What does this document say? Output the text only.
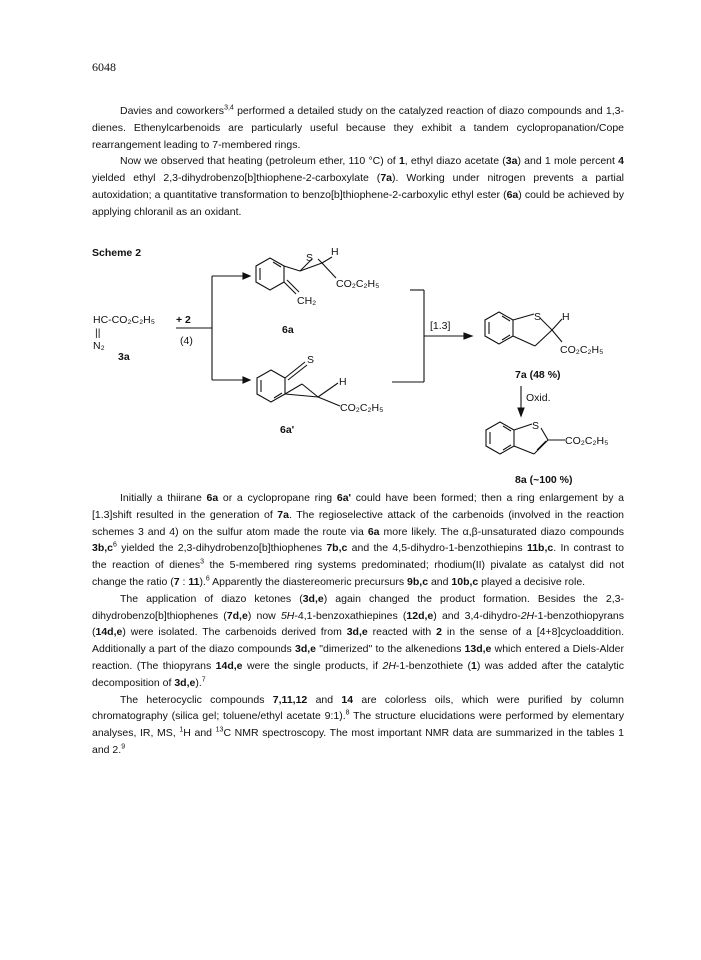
6048

Davies and coworkers$^{3,4}$ performed a detailed study on the catalyzed reaction of diazo compounds and 1,3-dienes. Ethenylcarbenoids are particularly useful because they exhibit a tandem cyclopropanation/Cope rearrangement leading to 7-membered rings.

Now we observed that heating (petroleum ether, 110 °C) of 1, ethyl diazo acetate (3a) and 1 mole percent 4 yielded ethyl 2,3-dihydrobenzo[b]thiophene-2-carboxylate (7a). Working under nitrogen prevents a partial autoxidation; a quantitative transformation to benzo[b]thiophene-2-carboxylic ethyl ester (6a) could be achieved by applying chloranil as an oxidant.

Scheme 2
HC-CO₂C₂H₅ + 2
||
N₂
3a
(4)
S H
CO₂C₂H₅
CH₂
6a
S
H
CO₂C₂H₅
6a'
[1.3]
S H
CO₂C₂H₅
7a (48 %)
Oxid.
S
CO₂C₂H₅
8a (~100 %)

Initially a thiirane 6a or a cyclopropane ring 6a' could have been formed; then a ring enlargement by a [1.3]shift resulted in the generation of 7a. The regioselective attack of the carbenoids (involved in the reaction schemes 3 and 4) on the sulfur atom made the route via 6a more likely. The α,β-unsaturated diazo compounds $3b,c^6$ yielded the 2,3-dihydrobenzo[b]thiophenes 7b,c and the 4,5-dihydro-1-benzothiepins 11b,c. In contrast to the reaction of dienes$^3$ the 5-membered ring systems predominated; rhodium(II) pivalate as catalyst did not change the ratio (7 : 11).$^6$ Apparently the diastereomeric precursurs 9b,c and 10b,c played a decisive role.

The application of diazo ketones (3d,e) again changed the product formation. Besides the 2,3-dihydrobenzo[b]thiophenes (7d,e) now 5H-4,1-benzoxathiepines (12d,e) and 3,4-dihydro-2H-1-benzothiopyrans (14d,e) were isolated. The carbenoids derived from 3d,e reacted with 2 in the sense of a [4+8]cycloaddition. Additionally a part of the diazo compounds 3d,e "dimerized" to the alkenedions 13d,e which entered a Diels-Alder reaction. (The thiopyrans 14d,e were the single products, if 2H-1-benzothiete (1) was added after the catalytic decomposition of 3d,e).$^7$

The heterocyclic compounds 7,11,12 and 14 are colorless oils, which were purified by column chromatography (silica gel; toluene/ethyl acetate 9:1).$^8$ The structure elucidations were performed by elementary analyses, IR, MS, $^1$H and $^{13}$C NMR spectroscopy. The most important NMR data are summarized in the tables 1 and 2.$^9$
